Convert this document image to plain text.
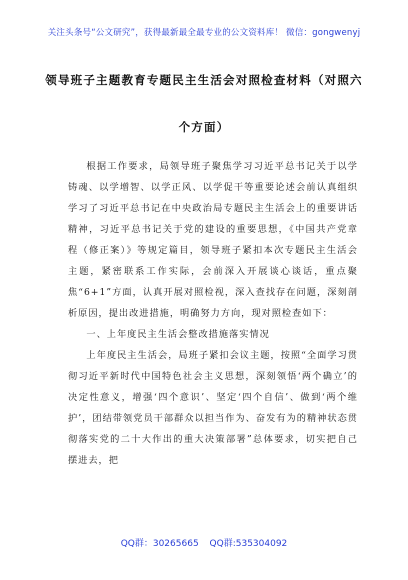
关注头条号“公文研究”，获得最新最全最专业的公文资料库！ 微信：gongwenyj
领导班子主题教育专题民主生活会对照检查材料（对照六
个方面）

根据工作要求，局领导班子聚焦学习习近平总书记关于以学铸魂、以学增智、以学正风、以学促干等重要论述会前认真组织学习了习近平总书记在中央政治局专题民主生活会上的重要讲话精神，习近平总书记关于党的建设的重要思想，《中国共产党章程（修正案）》等规定篇目，领导班子紧扣本次专题民主生活会主题，紧密联系工作实际，会前深入开展谈心谈话，重点聚焦“6+1”方面，认真开展对照检视，深入查找存在问题，深刻剖析原因，提出改进措施，明确努力方向，现对照检查如下：

一、上年度民主生活会整改措施落实情况

上年度民主生活会，局班子紧扣会议主题，按照“全面学习贯彻习近平新时代中国特色社会主义思想，深刻领悟‘两个确立’的决定性意义，增强‘四个意识’、坚定‘四个自信’、做到‘两个维护’，团结带领党员干部群众以担当作为、奋发有为的精神状态贯彻落实党的二十大作出的重大决策部署”总体要求，切实把自己摆进去，把

QQ群：30265665 QQ群:535304092
